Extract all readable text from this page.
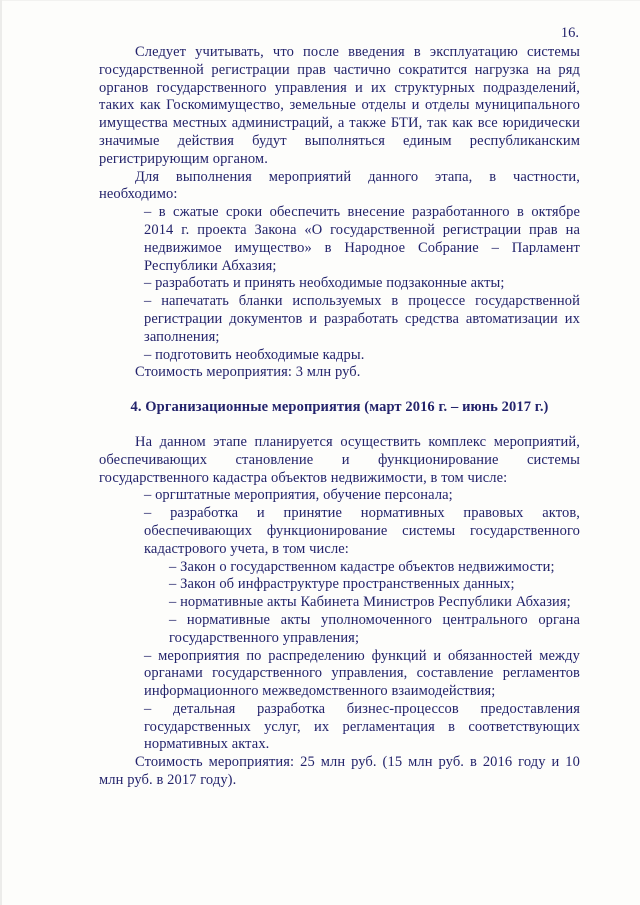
16.
Следует учитывать, что после введения в эксплуатацию системы государственной регистрации прав частично сократится нагрузка на ряд органов государственного управления и их структурных подразделений, таких как Госкомимущество, земельные отделы и отделы муниципального имущества местных администраций, а также БТИ, так как все юридически значимые действия будут выполняться единым республиканским регистрирующим органом.
Для выполнения мероприятий данного этапа, в частности, необходимо:
– в сжатые сроки обеспечить внесение разработанного в октябре 2014 г. проекта Закона «О государственной регистрации прав на недвижимое имущество» в Народное Собрание – Парламент Республики Абхазия;
– разработать и принять необходимые подзаконные акты;
– напечатать бланки используемых в процессе государственной регистрации документов и разработать средства автоматизации их заполнения;
– подготовить необходимые кадры.
Стоимость мероприятия: 3 млн руб.
4. Организационные мероприятия (март 2016 г. – июнь 2017 г.)
На данном этапе планируется осуществить комплекс мероприятий, обеспечивающих становление и функционирование системы государственного кадастра объектов недвижимости, в том числе:
– оргштатные мероприятия, обучение персонала;
– разработка и принятие нормативных правовых актов, обеспечивающих функционирование системы государственного кадастрового учета, в том числе:
– Закон о государственном кадастре объектов недвижимости;
– Закон об инфраструктуре пространственных данных;
– нормативные акты Кабинета Министров Республики Абхазия;
– нормативные акты уполномоченного центрального органа государственного управления;
– мероприятия по распределению функций и обязанностей между органами государственного управления, составление регламентов информационного межведомственного взаимодействия;
– детальная разработка бизнес-процессов предоставления государственных услуг, их регламентация в соответствующих нормативных актах.
Стоимость мероприятия: 25 млн руб. (15 млн руб. в 2016 году и 10 млн руб. в 2017 году).
